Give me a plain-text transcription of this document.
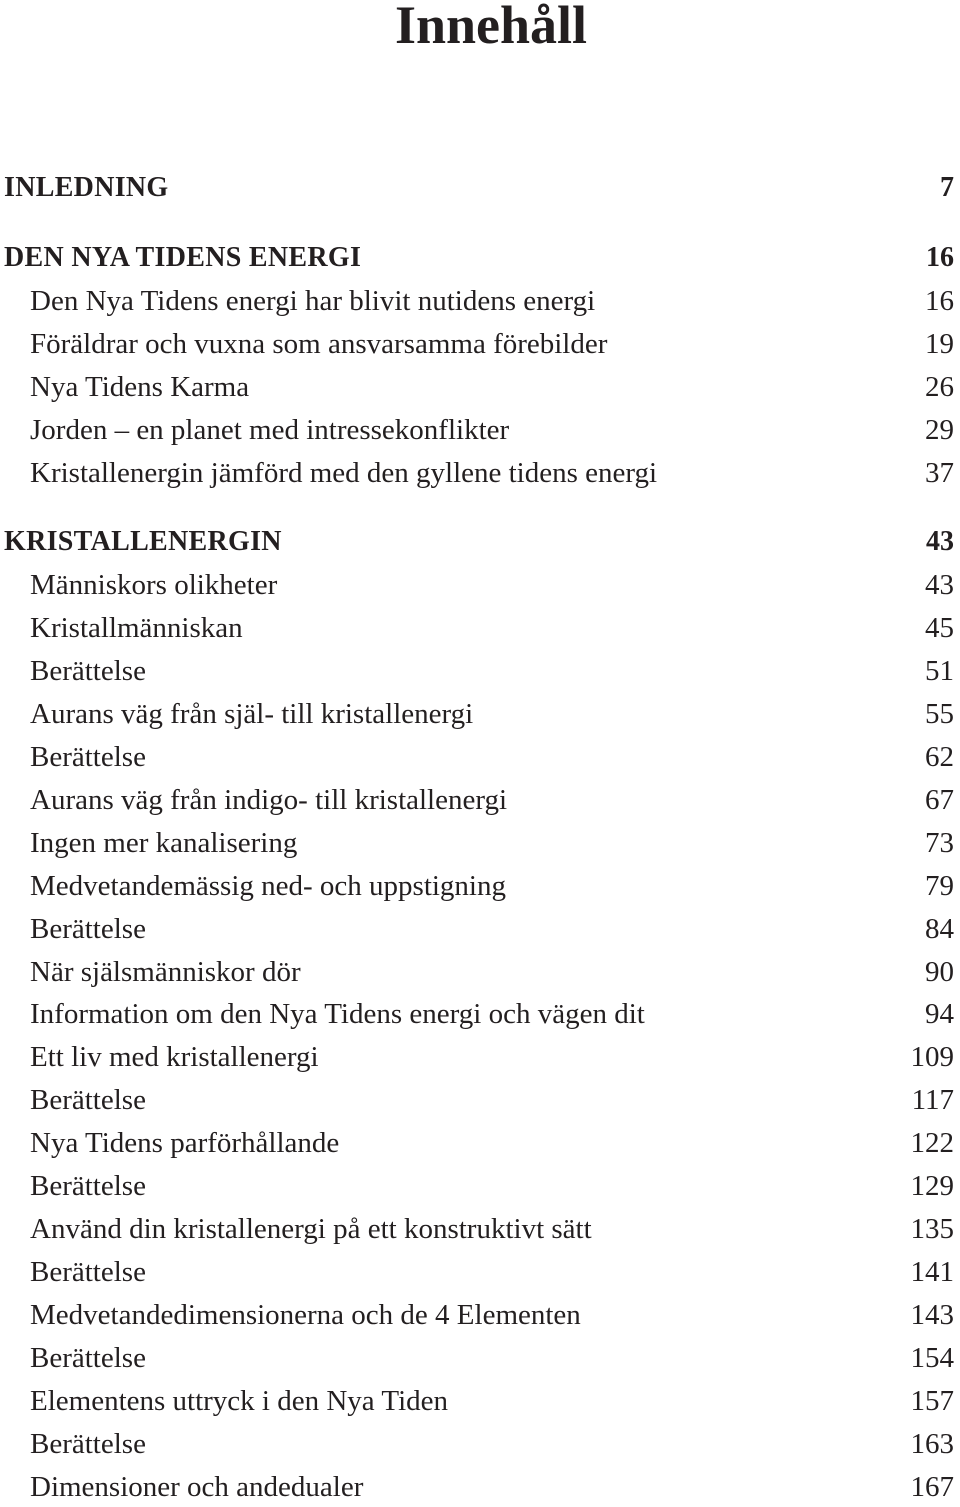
Innehåll
INLEDNING	7
DEN NYA TIDENS ENERGI	16
Den Nya Tidens energi har blivit nutidens energi	16
Föräldrar och vuxna som ansvarsamma förebilder	19
Nya Tidens Karma	26
Jorden – en planet med intressekonflikter	29
Kristallenergin jämförd med den gyllene tidens energi	37
KRISTALLENERGIN	43
Människors olikheter	43
Kristallmänniskan	45
Berättelse	51
Aurans väg från själ- till kristallenergi	55
Berättelse	62
Aurans väg från indigo- till kristallenergi	67
Ingen mer kanalisering	73
Medvetandemässig ned- och uppstigning	79
Berättelse	84
När själsmänniskor dör	90
Information om den Nya Tidens energi och vägen dit	94
Ett liv med kristallenergi	109
Berättelse	117
Nya Tidens parförhållande	122
Berättelse	129
Använd din kristallenergi på ett konstruktivt sätt	135
Berättelse	141
Medvetandedimensionerna och de 4 Elementen	143
Berättelse	154
Elementens uttryck i den Nya Tiden	157
Berättelse	163
Dimensioner och andedualer	167
